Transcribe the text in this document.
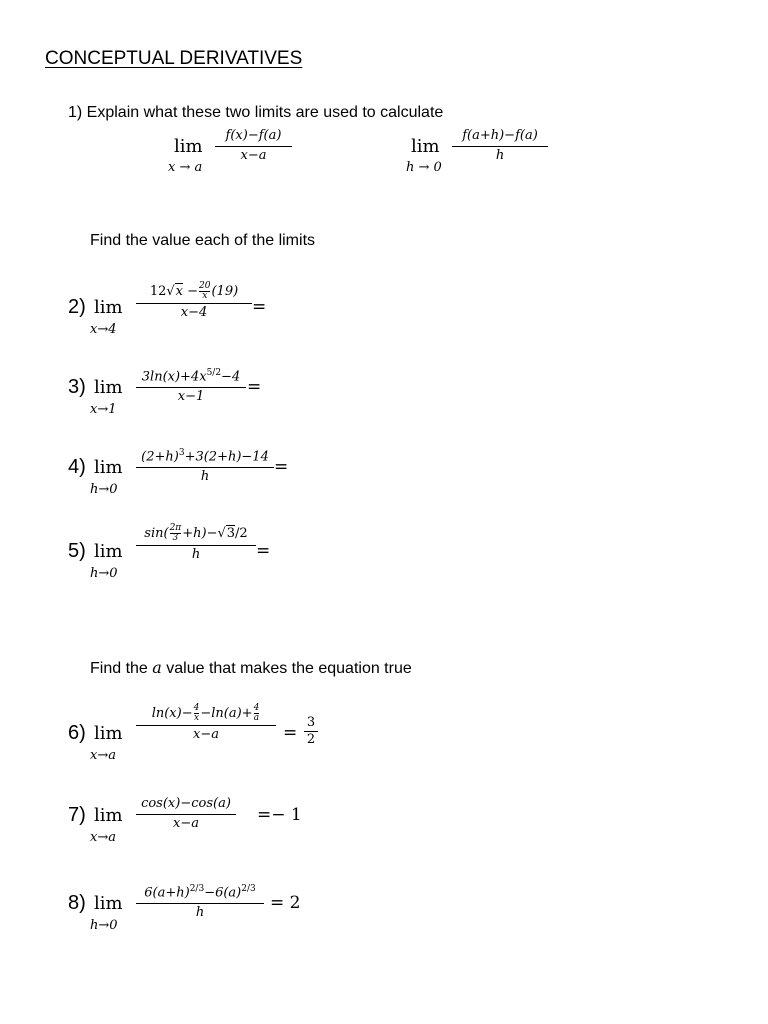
CONCEPTUAL DERIVATIVES
1) Explain what these two limits are used to calculate
lim
x → a
f(x)−f(a)
x−a	lim
h → 0
f(a+h)−f(a)
h
Find the value each of the limits
2) lim
x→4
$12√x - \frac{20}{x} (19)$
x−4	=
3) lim
x→1
$3\ln(x)+4x^{5/2}-4$
x−1	=
4) lim
h→0
$(2+h)^3+3(2+h)-14$
h	=
5) lim
h→0
$\sin( \frac{2\pi}{3} +h)-√3/2$
h	=
Find the a value that makes the equation true
6) lim
x→a
$\ln(x)- \frac{4}{x} -\ln(a)+ \frac{4}{a}$
x−a	=
3
2
7) lim
x→a
cos(x)−cos(a)
x−a	=− 1
8) lim
h→0
$6(a+h)^{2/3}-6(a)^{2/3}$
h	= 2
